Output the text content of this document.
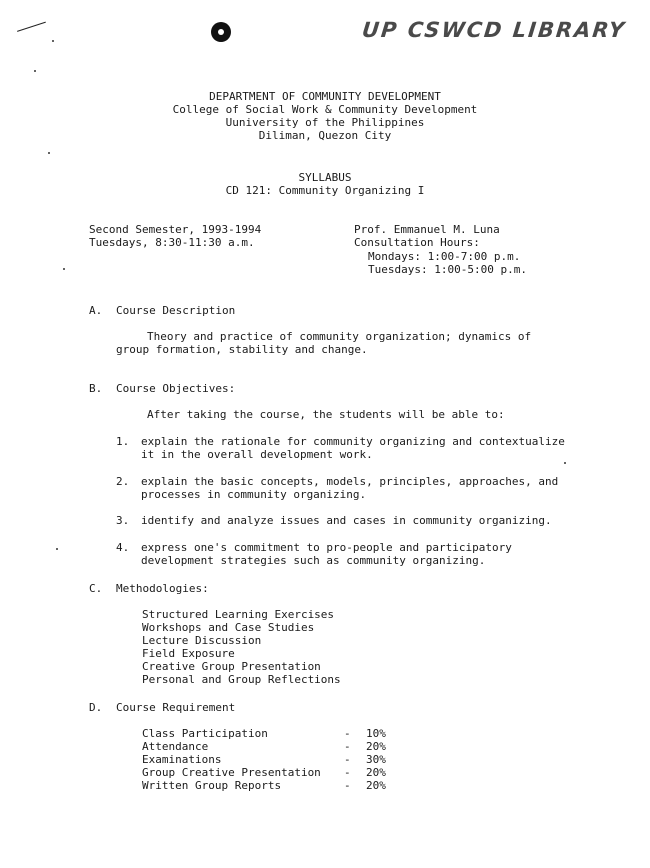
UP CSWCD LIBRARY
DEPARTMENT OF COMMUNITY DEVELOPMENT
College of Social Work & Community Development
Uuniversity of the Philippines
Diliman, Quezon City
SYLLABUS
CD 121: Community Organizing I
Second Semester, 1993-1994
Tuesdays, 8:30-11:30 a.m.
Prof. Emmanuel M. Luna
Consultation Hours:
Mondays: 1:00-7:00 p.m.
Tuesdays: 1:00-5:00 p.m.
A. Course Description
Theory and practice of community organization; dynamics of
group formation, stability and change.
B. Course Objectives:
After taking the course, the students will be able to:
1. explain the rationale for community organizing and contextualize
it in the overall development work.
2. explain the basic concepts, models, principles, approaches, and
processes in community organizing.
3. identify and analyze issues and cases in community organizing.
4. express one's commitment to pro-people and participatory
development strategies such as community organizing.
C. Methodologies:
Structured Learning Exercises
Workshops and Case Studies
Lecture Discussion
Field Exposure
Creative Group Presentation
Personal and Group Reflections
D. Course Requirement
Class Participation	- 10%
Attendance	- 20%
Examinations	- 30%
Group Creative Presentation - 20%
Written Group Reports	- 20%
